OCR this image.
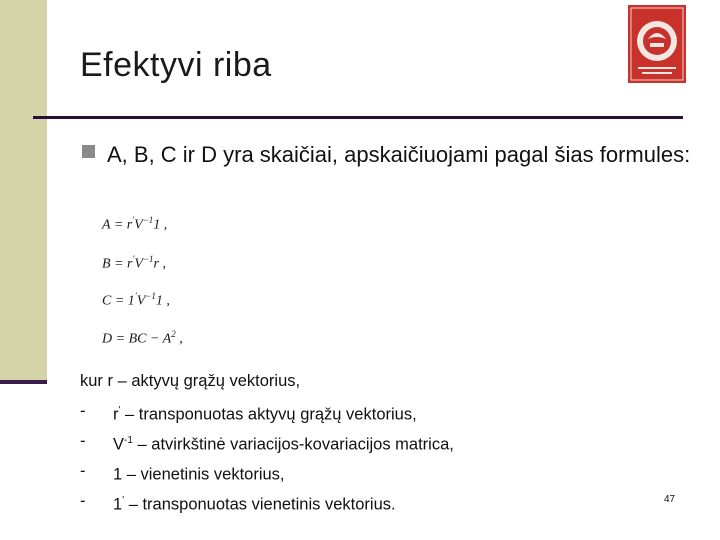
Efektyvi riba
A, B, C ir D yra skaičiai, apskaičiuojami pagal šias formules:
$A = r'V^{-1}1$ ,
$B = r'V^{-1}r$ ,
$C = 1'V^{-1}1$ ,
D = BC − $A^2$ ,
kur r – aktyvų grąžų vektorius,
- r' – transponuotas aktyvų grąžų vektorius,
- $V^{-1}$ – atvirkštinė variacijos-kovariacijos matrica,
- 1 – vienetinis vektorius,
- 1' – transponuotas vienetinis vektorius.	47
